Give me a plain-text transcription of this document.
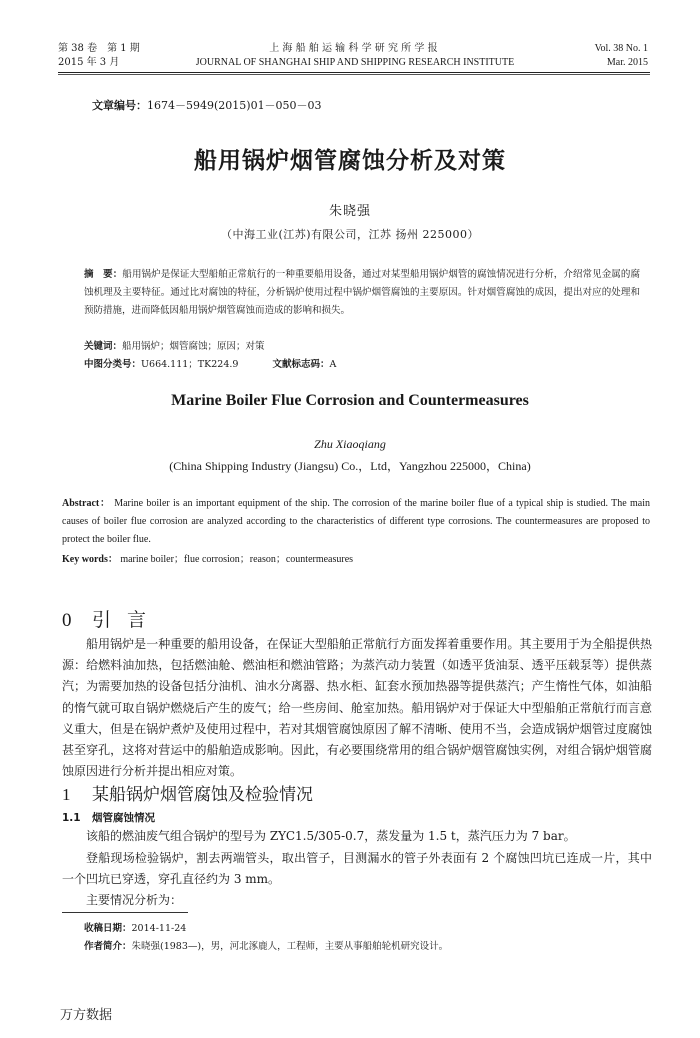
第 38 卷　第 1 期
2015 年 3 月
上海船舶运输科学研究所学报
JOURNAL OF SHANGHAI SHIP AND SHIPPING RESEARCH INSTITUTE
Vol. 38 No. 1
Mar. 2015
文章编号：1674－5949(2015)01－050－03
船用锅炉烟管腐蚀分析及对策
朱晓强
（中海工业(江苏)有限公司，江苏 扬州 225000）
摘　要：船用锅炉是保证大型船舶正常航行的一种重要船用设备，通过对某型船用锅炉烟管的腐蚀情况进行分析，介绍常见金属的腐蚀机理及主要特征。通过比对腐蚀的特征，分析锅炉使用过程中锅炉烟管腐蚀的主要原因。针对烟管腐蚀的成因，提出对应的处理和预防措施，进而降低因船用锅炉烟管腐蚀而造成的影响和损失。
关键词：船用锅炉；烟管腐蚀；原因；对策
中图分类号：U664.111；TK224.9	文献标志码：A
Marine Boiler Flue Corrosion and Countermeasures
Zhu Xiaoqiang
(China Shipping Industry (Jiangsu) Co.，Ltd，Yangzhou 225000，China)
Abstract： Marine boiler is an important equipment of the ship. The corrosion of the marine boiler flue of a typical ship is studied. The main causes of boiler flue corrosion are analyzed according to the characteristics of different type corrosions. The countermeasures are proposed to protect the boiler flue.
Key words： marine boiler；flue corrosion；reason；countermeasures
0 引言
船用锅炉是一种重要的船用设备，在保证大型船舶正常航行方面发挥着重要作用。其主要用于为全船提供热源：给燃料油加热，包括燃油舱、燃油柜和燃油管路；为蒸汽动力装置（如透平货油泵、透平压载泵等）提供蒸汽；为需要加热的设备包括分油机、油水分离器、热水柜、缸套水预加热器等提供蒸汽；产生惰性气体，如油船的惰气就可取自锅炉燃烧后产生的废气；给一些房间、舱室加热。船用锅炉对于保证大中型船舶正常航行而言意义重大，但是在锅炉煮炉及使用过程中，若对其烟管腐蚀原因了解不清晰、使用不当，会造成锅炉烟管过度腐蚀甚至穿孔，这将对营运中的船舶造成影响。因此，有必要围绕常用的组合锅炉烟管腐蚀实例，对组合锅炉烟管腐蚀原因进行分析并提出相应对策。
1 某船锅炉烟管腐蚀及检验情况
1.1 烟管腐蚀情况
该船的燃油废气组合锅炉的型号为 ZYC1.5/305-0.7，蒸发量为 1.5 t，蒸汽压力为 7 bar。
登船现场检验锅炉，割去两端管头，取出管子，目测漏水的管子外表面有 2 个腐蚀凹坑已连成一片，其中一个凹坑已穿透，穿孔直径约为 3 mm。
主要情况分析为：
收稿日期：2014-11-24
作者简介：朱晓强(1983—)，男，河北涿鹿人，工程师，主要从事船舶轮机研究设计。
万方数据
